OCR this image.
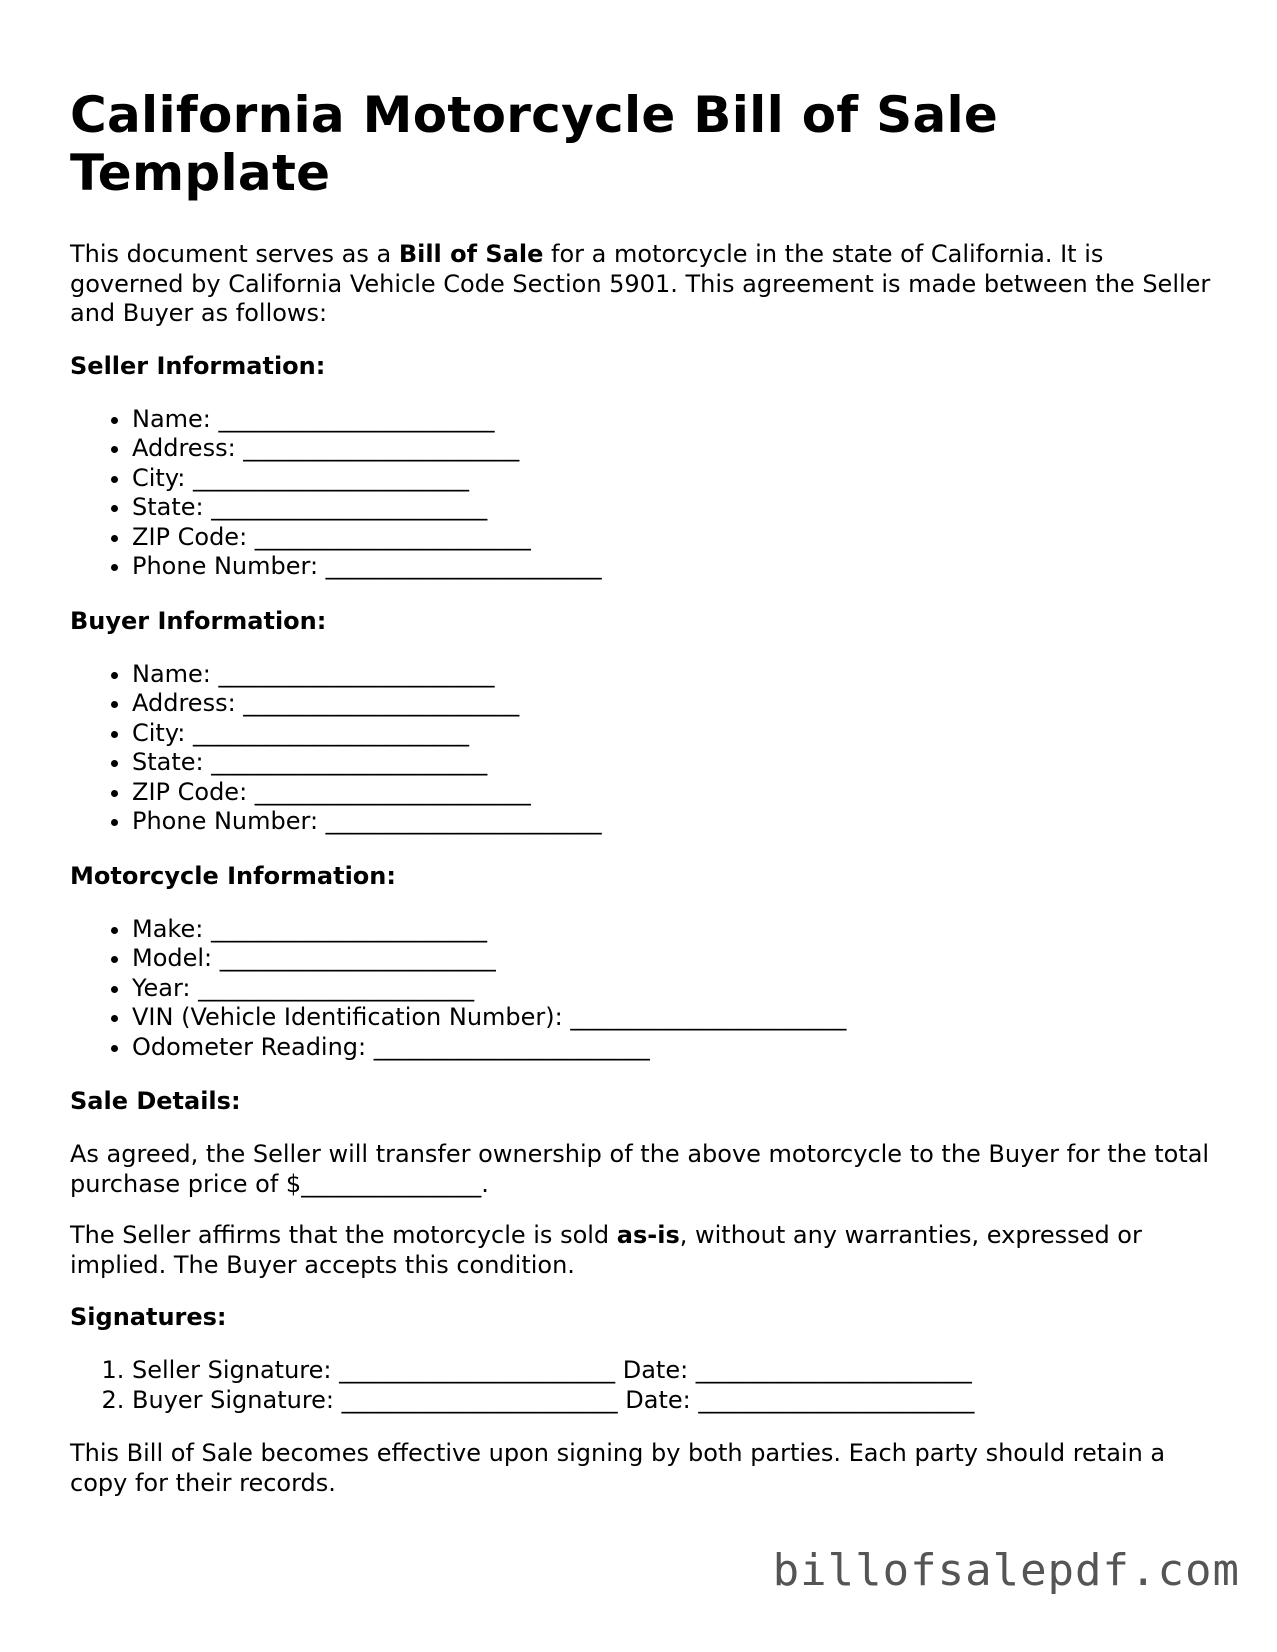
California Motorcycle Bill of Sale Template

This document serves as a Bill of Sale for a motorcycle in the state of California. It is governed by California Vehicle Code Section 5901. This agreement is made between the Seller and Buyer as follows:

Seller Information:
• Name: _______________________
• Address: _______________________
• City: _______________________
• State: _______________________
• ZIP Code: _______________________
• Phone Number: _______________________
Buyer Information:
• Name: _______________________
• Address: _______________________
• City: _______________________
• State: _______________________
• ZIP Code: _______________________
• Phone Number: _______________________
Motorcycle Information:
• Make: _______________________
• Model: _______________________
• Year: _______________________
• VIN (Vehicle Identification Number): _______________________
• Odometer Reading: _______________________
Sale Details:

As agreed, the Seller will transfer ownership of the above motorcycle to the Buyer for the total purchase price of $_______________.

The Seller affirms that the motorcycle is sold as-is, without any warranties, expressed or implied. The Buyer accepts this condition.

Signatures:
1. Seller Signature: _______________________ Date: _______________________
2. Buyer Signature: _______________________ Date: _______________________

This Bill of Sale becomes effective upon signing by both parties. Each party should retain a copy for their records.

billofsalepdf.com
